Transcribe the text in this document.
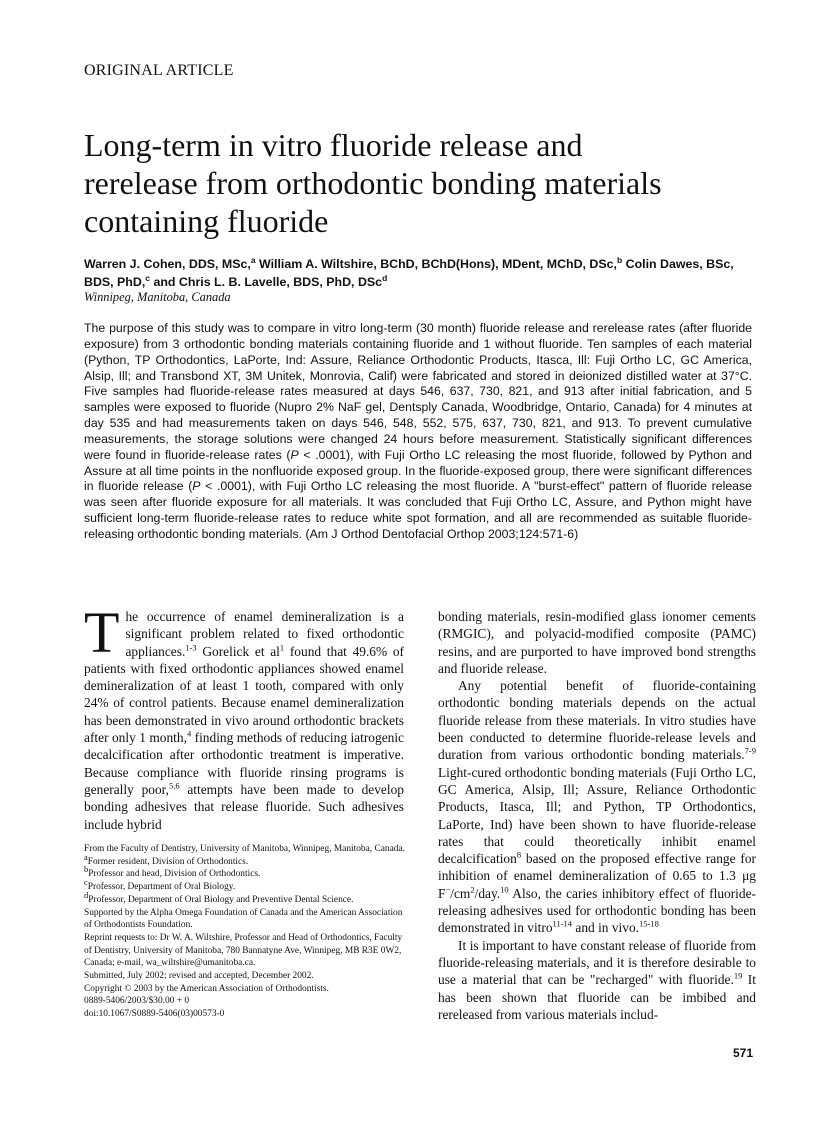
ORIGINAL ARTICLE
Long-term in vitro fluoride release and
rerelease from orthodontic bonding materials
containing fluoride
Warren J. Cohen, DDS, MSc,$^a$ William A. Wiltshire, BChD, BChD(Hons), MDent, MChD, DSc,$^b$ Colin Dawes, BSc, BDS, PhD,$^c$ and Chris L. B. Lavelle, BDS, PhD, DSc$^d$
Winnipeg, Manitoba, Canada
The purpose of this study was to compare in vitro long-term (30 month) fluoride release and rerelease rates (after fluoride exposure) from 3 orthodontic bonding materials containing fluoride and 1 without fluoride. Ten samples of each material (Python, TP Orthodontics, LaPorte, Ind: Assure, Reliance Orthodontic Products, Itasca, Ill: Fuji Ortho LC, GC America, Alsip, Ill; and Transbond XT, 3M Unitek, Monrovia, Calif) were fabricated and stored in deionized distilled water at 37°C. Five samples had fluoride-release rates measured at days 546, 637, 730, 821, and 913 after initial fabrication, and 5 samples were exposed to fluoride (Nupro 2% NaF gel, Dentsply Canada, Woodbridge, Ontario, Canada) for 4 minutes at day 535 and had measurements taken on days 546, 548, 552, 575, 637, 730, 821, and 913. To prevent cumulative measurements, the storage solutions were changed 24 hours before measurement. Statistically significant differences were found in fluoride-release rates (P < .0001), with Fuji Ortho LC releasing the most fluoride, followed by Python and Assure at all time points in the nonfluoride exposed group. In the fluoride-exposed group, there were significant differences in fluoride release (P < .0001), with Fuji Ortho LC releasing the most fluoride. A "burst-effect" pattern of fluoride release was seen after fluoride exposure for all materials. It was concluded that Fuji Ortho LC, Assure, and Python might have sufficient long-term fluoride-release rates to reduce white spot formation, and all are recommended as suitable fluoride-releasing orthodontic bonding materials. (Am J Orthod Dentofacial Orthop 2003;124:571-6)

The occurrence of enamel demineralization is a significant problem related to fixed orthodontic appliances.$^{1-3}$ Gorelick et $al^1$ found that 49.6% of patients with fixed orthodontic appliances showed enamel demineralization of at least 1 tooth, compared with only 24% of control patients. Because enamel demineralization has been demonstrated in vivo around orthodontic brackets after only 1 month,$^4$ finding methods of reducing iatrogenic decalcification after orthodontic treatment is imperative. Because compliance with fluoride rinsing programs is generally poor,$^{5,6}$ attempts have been made to develop bonding adhesives that release fluoride. Such adhesives include hybrid

From the Faculty of Dentistry, University of Manitoba, Winnipeg, Manitoba, Canada.
$^a$Former resident, Division of Orthodontics.
$^b$Professor and head, Division of Orthodontics.
$^c$Professor, Department of Oral Biology.
$^d$Professor, Department of Oral Biology and Preventive Dental Science.
Supported by the Alpha Omega Foundation of Canada and the American Association of Orthodontists Foundation.
Reprint requests to: Dr W. A. Wiltshire, Professor and Head of Orthodontics, Faculty of Dentistry, University of Manitoba, 780 Bannatyne Ave, Winnipeg, MB R3E 0W2, Canada; e-mail, wa_wiltshire@umanitoba.ca.
Submitted, July 2002; revised and accepted, December 2002.
Copyright © 2003 by the American Association of Orthodontists.
0889-5406/2003/$30.00 + 0
doi:10.1067/S0889-5406(03)00573-0

bonding materials, resin-modified glass ionomer cements (RMGIC), and polyacid-modified composite (PAMC) resins, and are purported to have improved bond strengths and fluoride release.

Any potential benefit of fluoride-containing orthodontic bonding materials depends on the actual fluoride release from these materials. In vitro studies have been conducted to determine fluoride-release levels and duration from various orthodontic bonding materials.$^{7-9}$ Light-cured orthodontic bonding materials (Fuji Ortho LC, GC America, Alsip, Ill; Assure, Reliance Orthodontic Products, Itasca, Ill; and Python, TP Orthodontics, LaPorte, Ind) have been shown to have fluoride-release rates that could theoretically inhibit enamel decalcification$^8$ based on the proposed effective range for inhibition of enamel demineralization of 0.65 to 1.3 μg $F^-/cm^2/day.^{10}$ Also, the caries inhibitory effect of fluoride-releasing adhesives used for orthodontic bonding has been demonstrated in vitro$^{11-14}$ and in vivo.$^{15-18}$

It is important to have constant release of fluoride from fluoride-releasing materials, and it is therefore desirable to use a material that can be "recharged" with fluoride.$^{19}$ It has been shown that fluoride can be imbibed and rereleased from various materials includ-

571
